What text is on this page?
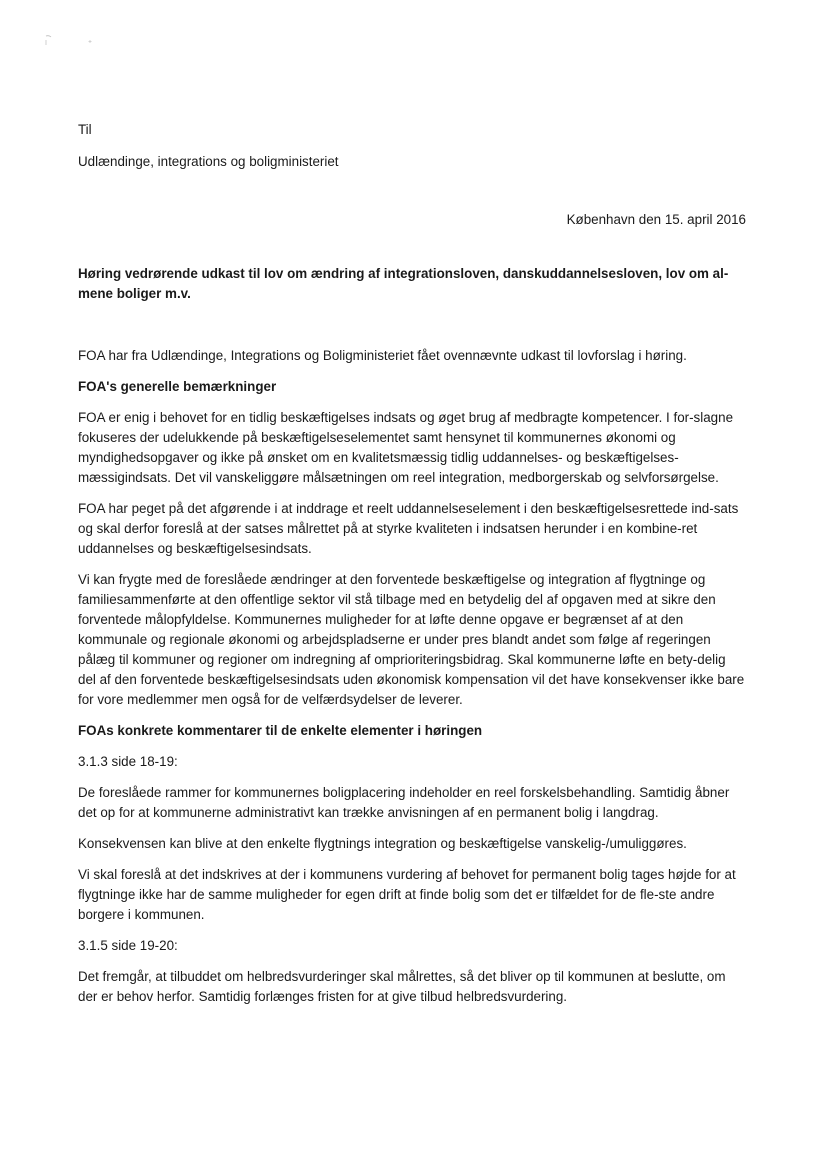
Til

Udlændinge, integrations og boligministeriet

København den 15. april 2016

Høring vedrørende udkast til lov om ændring af integrationsloven, danskuddannelsesloven, lov om al-mene boliger m.v.

FOA har fra Udlændinge, Integrations og Boligministeriet fået ovennævnte udkast til lovforslag i høring.

FOA's generelle bemærkninger

FOA er enig i behovet for en tidlig beskæftigelses indsats og øget brug af medbragte kompetencer. I for-slagne fokuseres der udelukkende på beskæftigelseselementet samt hensynet til kommunernes økonomi og myndighedsopgaver og ikke på ønsket om en kvalitetsmæssig tidlig uddannelses- og beskæftigelses-mæssigindsats. Det vil vanskeliggøre målsætningen om reel integration, medborgerskab og selvforsørgelse.

FOA har peget på det afgørende i at inddrage et reelt uddannelseselement i den beskæftigelsesrettede ind-sats og skal derfor foreslå at der satses målrettet på at styrke kvaliteten i indsatsen herunder i en kombine-ret uddannelses og beskæftigelsesindsats.

Vi kan frygte med de foreslåede ændringer at den forventede beskæftigelse og integration af flygtninge og familiesammenførte at den offentlige sektor vil stå tilbage med en betydelig del af opgaven med at sikre den forventede målopfyldelse. Kommunernes muligheder for at løfte denne opgave er begrænset af at den kommunale og regionale økonomi og arbejdspladserne er under pres blandt andet som følge af regeringen pålæg til kommuner og regioner om indregning af omprioriteringsbidrag. Skal kommunerne løfte en bety-delig del af den forventede beskæftigelsesindsats uden økonomisk kompensation vil det have konsekvenser ikke bare for vore medlemmer men også for de velfærdsydelser de leverer.

FOAs konkrete kommentarer til de enkelte elementer i høringen

3.1.3 side 18-19:

De foreslåede rammer for kommunernes boligplacering indeholder en reel forskelsbehandling. Samtidig åbner det op for at kommunerne administrativt kan trække anvisningen af en permanent bolig i langdrag.

Konsekvensen kan blive at den enkelte flygtnings integration og beskæftigelse vanskelig-/umuliggøres.

Vi skal foreslå at det indskrives at der i kommunens vurdering af behovet for permanent bolig tages højde for at flygtninge ikke har de samme muligheder for egen drift at finde bolig som det er tilfældet for de fle-ste andre borgere i kommunen.

3.1.5 side 19-20:

Det fremgår, at tilbuddet om helbredsvurderinger skal målrettes, så det bliver op til kommunen at beslutte, om der er behov herfor. Samtidig forlænges fristen for at give tilbud helbredsvurdering.
